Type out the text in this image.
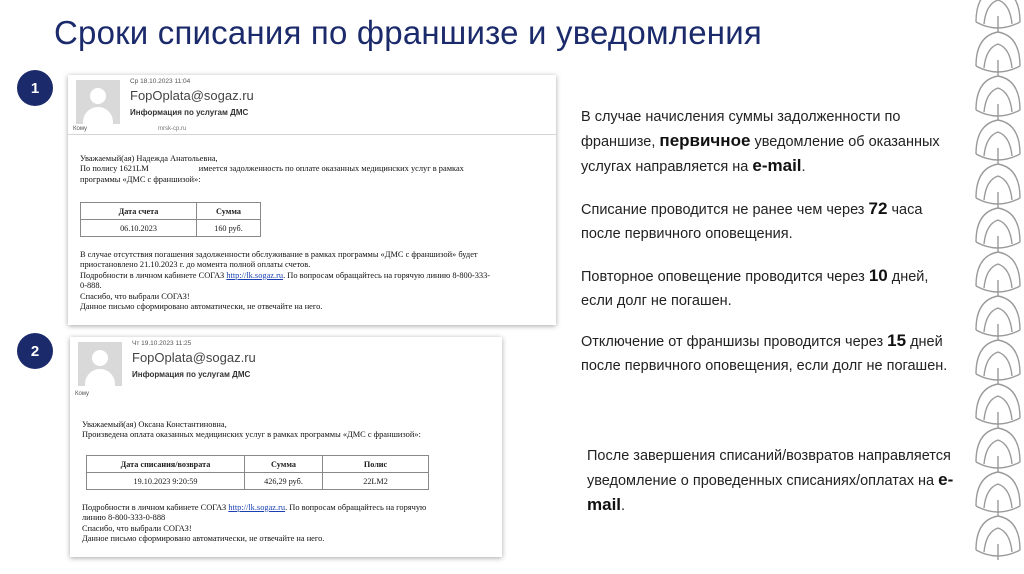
Сроки списания по франшизе и уведомления
1
2
Ср 18.10.2023 11:04
FopOplata@sogaz.ru
Информация по услугам ДМС
Кому	mrsk-cp.ru
Уважаемый(ая) Надежда Анатольевна,
По полису 1621LM	имеется задолженность по оплате оказанных медицинских услуг в рамках
программы «ДМС с франшизой»:
Дата счета	Сумма
06.10.2023	160 руб.
В случае отсутствия погашения задолженности обслуживание в рамках программы «ДМС с франшизой» будет
приостановлено 21.10.2023 г. до момента полной оплаты счетов.
Подробности в личном кабинете СОГАЗ http://lk.sogaz.ru. По вопросам обращайтесь на горячую линию 8-800-333-
0-888.
Спасибо, что выбрали СОГАЗ!
Данное письмо сформировано автоматически, не отвечайте на него.
Чт 19.10.2023 11:25
FopOplata@sogaz.ru
Информация по услугам ДМС
Кому
Уважаемый(ая) Оксана Константиновна,
Произведена оплата оказанных медицинских услуг в рамках программы «ДМС с франшизой»:
Дата списания/возврата	Сумма	Полис
19.10.2023 9:20:59	426,29 руб.	22LM2
Подробности в личном кабинете СОГАЗ http://lk.sogaz.ru. По вопросам обращайтесь на горячую
линию 8-800-333-0-888
Спасибо, что выбрали СОГАЗ!
Данное письмо сформировано автоматически, не отвечайте на него.
В случае начисления суммы задолженности по франшизе, первичное уведомление об оказанных услугах направляется на e-mail.
Списание проводится не ранее чем через 72 часа после первичного оповещения.
Повторное оповещение проводится через 10 дней, если долг не погашен.
Отключение от франшизы проводится через 15 дней после первичного оповещения, если долг не погашен.
После завершения списаний/возвратов направляется уведомление о проведенных списаниях/оплатах на e-mail.
